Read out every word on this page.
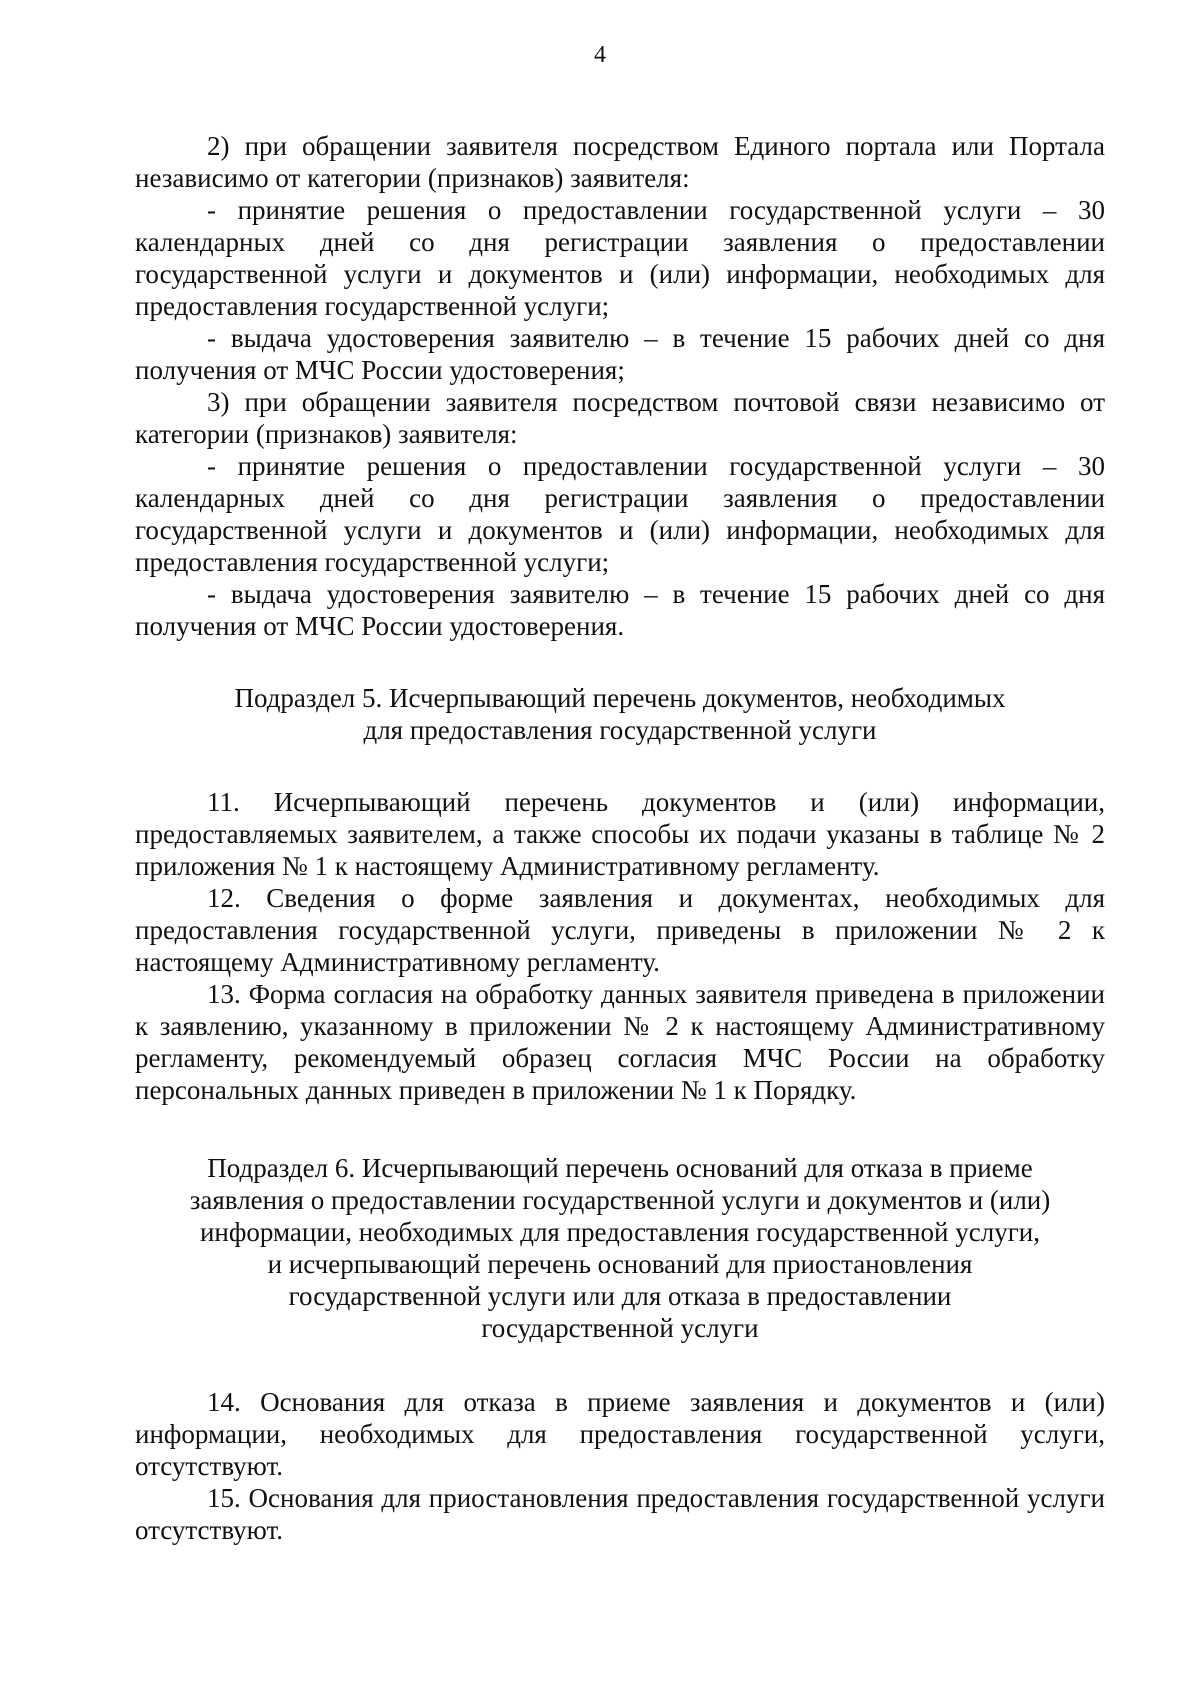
4

2) при обращении заявителя посредством Единого портала или Портала независимо от категории (признаков) заявителя:

- принятие решения о предоставлении государственной услуги – 30 календарных дней со дня регистрации заявления о предоставлении государственной услуги и документов и (или) информации, необходимых для предоставления государственной услуги;

- выдача удостоверения заявителю – в течение 15 рабочих дней со дня получения от МЧС России удостоверения;

3) при обращении заявителя посредством почтовой связи независимо от категории (признаков) заявителя:

- принятие решения о предоставлении государственной услуги – 30 календарных дней со дня регистрации заявления о предоставлении государственной услуги и документов и (или) информации, необходимых для предоставления государственной услуги;

- выдача удостоверения заявителю – в течение 15 рабочих дней со дня получения от МЧС России удостоверения.

Подраздел 5. Исчерпывающий перечень документов, необходимых
для предоставления государственной услуги

11. Исчерпывающий перечень документов и (или) информации, предоставляемых заявителем, а также способы их подачи указаны в таблице № 2 приложения № 1 к настоящему Административному регламенту.

12. Сведения о форме заявления и документах, необходимых для предоставления государственной услуги, приведены в приложении № 2 к настоящему Административному регламенту.

13. Форма согласия на обработку данных заявителя приведена в приложении к заявлению, указанному в приложении № 2 к настоящему Административному регламенту, рекомендуемый образец согласия МЧС России на обработку персональных данных приведен в приложении № 1 к Порядку.

Подраздел 6. Исчерпывающий перечень оснований для отказа в приеме
заявления о предоставлении государственной услуги и документов и (или)
информации, необходимых для предоставления государственной услуги,
и исчерпывающий перечень оснований для приостановления
государственной услуги или для отказа в предоставлении
государственной услуги

14. Основания для отказа в приеме заявления и документов и (или) информации, необходимых для предоставления государственной услуги, отсутствуют.

15. Основания для приостановления предоставления государственной услуги отсутствуют.
